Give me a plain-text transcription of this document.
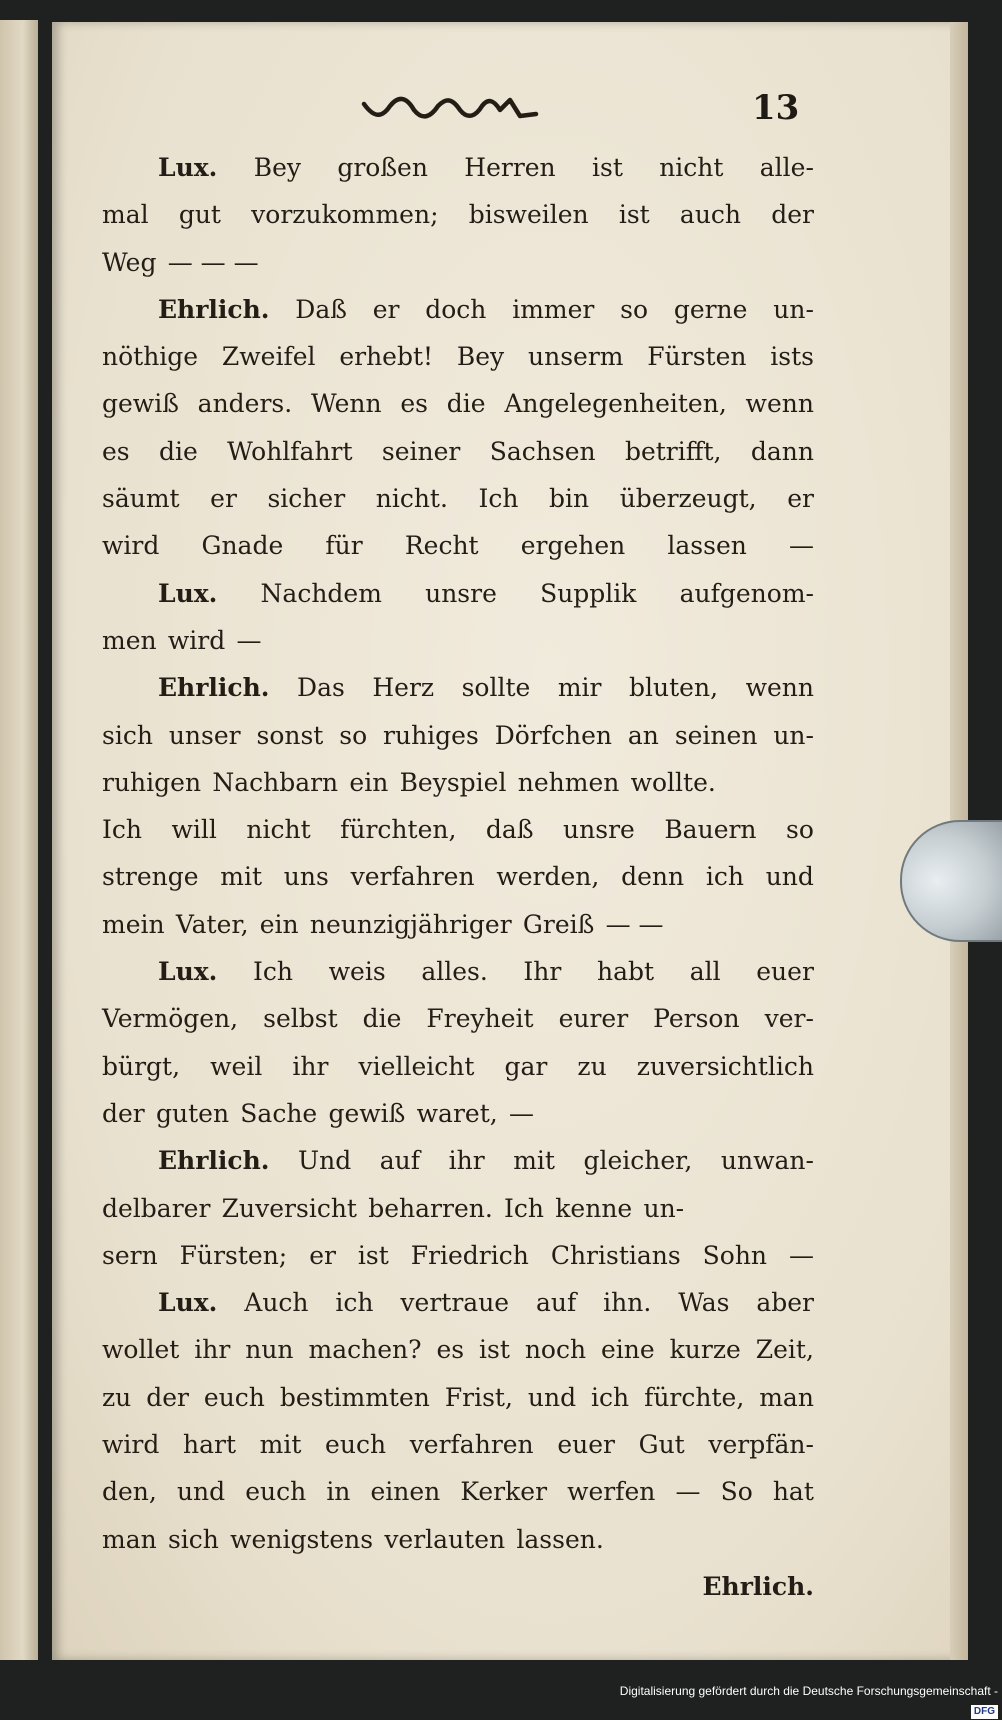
13
Lux. Bey großen Herren ist nicht alle-
mal gut vorzukommen; bisweilen ist auch der
Weg — — —
Ehrlich. Daß er doch immer so gerne un-
nöthige Zweifel erhebt! Bey unserm Fürsten ists
gewiß anders. Wenn es die Angelegenheiten, wenn
es die Wohlfahrt seiner Sachsen betrifft, dann
säumt er sicher nicht. Ich bin überzeugt, er
wird Gnade für Recht ergehen lassen —
Lux. Nachdem unsre Supplik aufgenom-
men wird —
Ehrlich. Das Herz sollte mir bluten, wenn
sich unser sonst so ruhiges Dörfchen an seinen un-
ruhigen Nachbarn ein Beyspiel nehmen wollte.
Ich will nicht fürchten, daß unsre Bauern so
strenge mit uns verfahren werden, denn ich und
mein Vater, ein neunzigjähriger Greiß — —
Lux. Ich weis alles. Ihr habt all euer
Vermögen, selbst die Freyheit eurer Person ver-
bürgt, weil ihr vielleicht gar zu zuversichtlich
der guten Sache gewiß waret, —
Ehrlich. Und auf ihr mit gleicher, unwan-
delbarer Zuversicht beharren. Ich kenne un-
sern Fürsten; er ist Friedrich Christians Sohn —
Lux. Auch ich vertraue auf ihn. Was aber
wollet ihr nun machen? es ist noch eine kurze Zeit,
zu der euch bestimmten Frist, und ich fürchte, man
wird hart mit euch verfahren euer Gut verpfän-
den, und euch in einen Kerker werfen — So hat
man sich wenigstens verlauten lassen.
Ehrlich.
Digitalisierung gefördert durch die Deutsche Forschungsgemeinschaft -DFG
